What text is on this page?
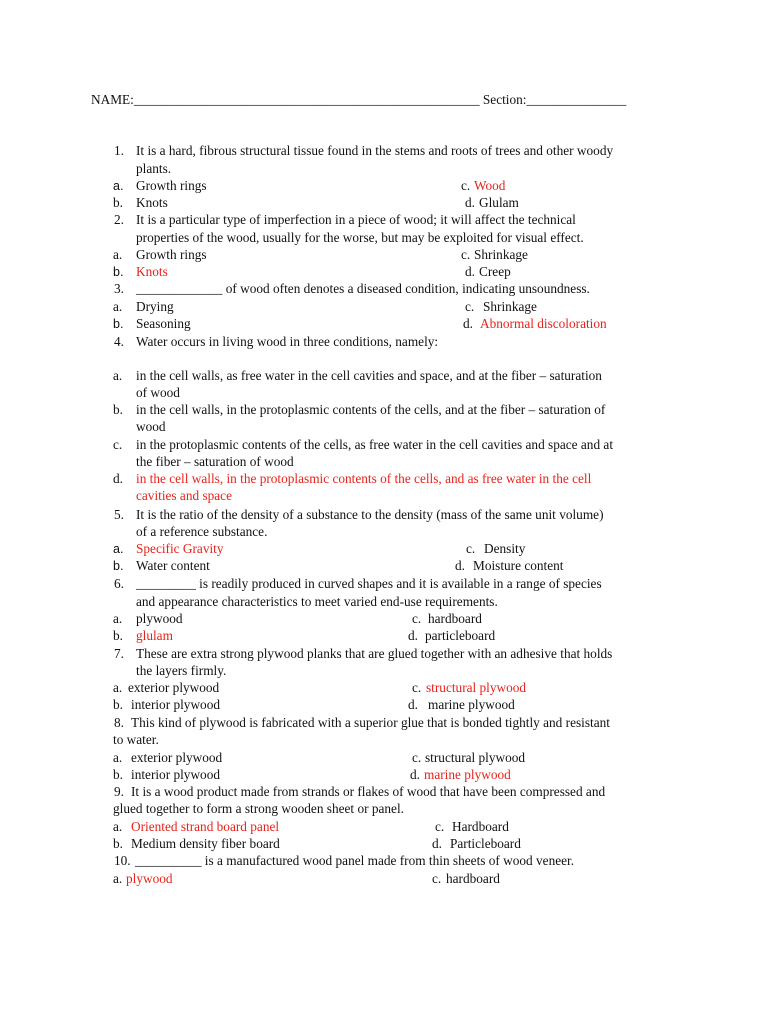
NAME:____________________________________________________ Section:_______________
1. It is a hard, fibrous structural tissue found in the stems and roots of trees and other woody
plants.
a. Growth rings
b. Knots
c. Wood
d. Glulam
2. It is a particular type of imperfection in a piece of wood; it will affect the technical
properties of the wood, usually for the worse, but may be exploited for visual effect.
a. Growth rings
b. Knots
c. Shrinkage
d. Creep
3. _____________ of wood often denotes a diseased condition, indicating unsoundness.
a. Drying
b. Seasoning
c. Shrinkage
d. Abnormal discoloration
4. Water occurs in living wood in three conditions, namely:
a. in the cell walls, as free water in the cell cavities and space, and at the fiber – saturation
of wood
b. in the cell walls, in the protoplasmic contents of the cells, and at the fiber – saturation of
wood
c. in the protoplasmic contents of the cells, as free water in the cell cavities and space and at
the fiber – saturation of wood
d. in the cell walls, in the protoplasmic contents of the cells, and as free water in the cell
cavities and space
5. It is the ratio of the density of a substance to the density (mass of the same unit volume)
of a reference substance.
a. Specific Gravity
b. Water content
c. Density
d. Moisture content
6. _________ is readily produced in curved shapes and it is available in a range of species
and appearance characteristics to meet varied end-use requirements.
a. plywood
b. glulam
c. hardboard
d. particleboard
7. These are extra strong plywood planks that are glued together with an adhesive that holds
the layers firmly.
a. exterior plywood
b. interior plywood
c. structural plywood
d. marine plywood
8. This kind of plywood is fabricated with a superior glue that is bonded tightly and resistant
to water.
a. exterior plywood
b. interior plywood
c. structural plywood
d. marine plywood
9. It is a wood product made from strands or flakes of wood that have been compressed and
glued together to form a strong wooden sheet or panel.
a. Oriented strand board panel
b. Medium density fiber board
c. Hardboard
d. Particleboard
10. __________ is a manufactured wood panel made from thin sheets of wood veneer.
a. plywood	c. hardboard
